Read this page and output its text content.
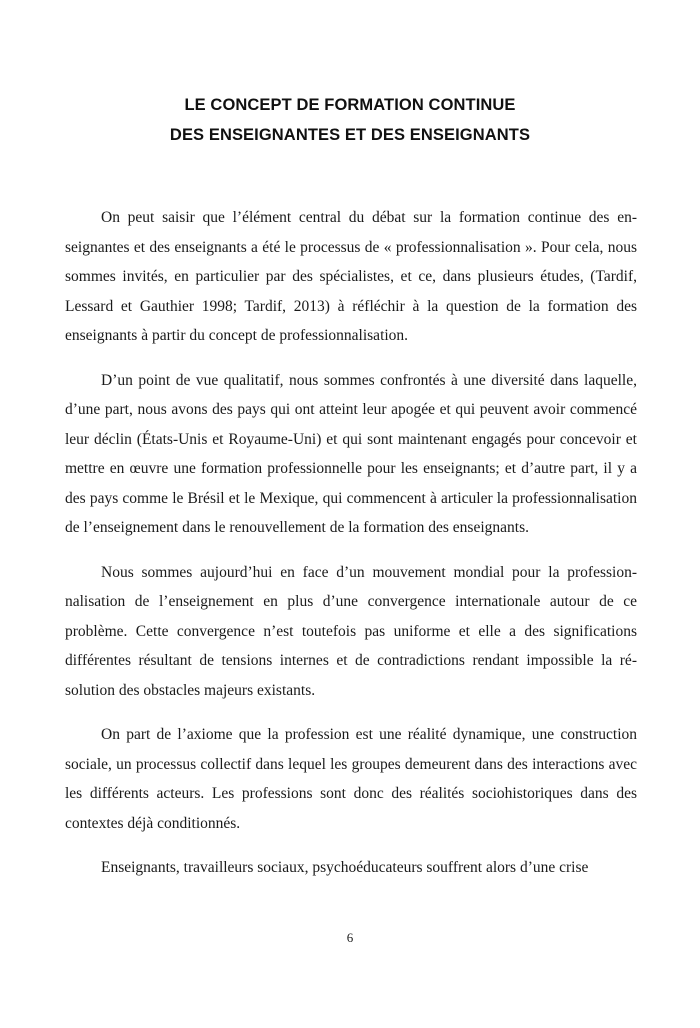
LE CONCEPT DE FORMATION CONTINUE
DES ENSEIGNANTES ET DES ENSEIGNANTS

On peut saisir que l’élément central du débat sur la formation continue des enseignantes et des enseignants a été le processus de « professionnalisation ». Pour cela, nous sommes invités, en particulier par des spécialistes, et ce, dans plusieurs études, (Tardif, Lessard et Gauthier 1998; Tardif, 2013) à réfléchir à la question de la formation des enseignants à partir du concept de professionnalisation.

D’un point de vue qualitatif, nous sommes confrontés à une diversité dans laquelle, d’une part, nous avons des pays qui ont atteint leur apogée et qui peuvent avoir commencé leur déclin (États-Unis et Royaume-Uni) et qui sont maintenant engagés pour concevoir et mettre en œuvre une formation professionnelle pour les enseignants; et d’autre part, il y a des pays comme le Brésil et le Mexique, qui commencent à articuler la professionnalisation de l’enseignement dans le renouvellement de la formation des enseignants.

Nous sommes aujourd’hui en face d’un mouvement mondial pour la professionnalisation de l’enseignement en plus d’une convergence internationale autour de ce problème. Cette convergence n’est toutefois pas uniforme et elle a des significations différentes résultant de tensions internes et de contradictions rendant impossible la résolution des obstacles majeurs existants.

On part de l’axiome que la profession est une réalité dynamique, une construction sociale, un processus collectif dans lequel les groupes demeurent dans des interactions avec les différents acteurs. Les professions sont donc des réalités sociohistoriques dans des contextes déjà conditionnés.

Enseignants, travailleurs sociaux, psychoéducateurs souffrent alors d’une crise

6
